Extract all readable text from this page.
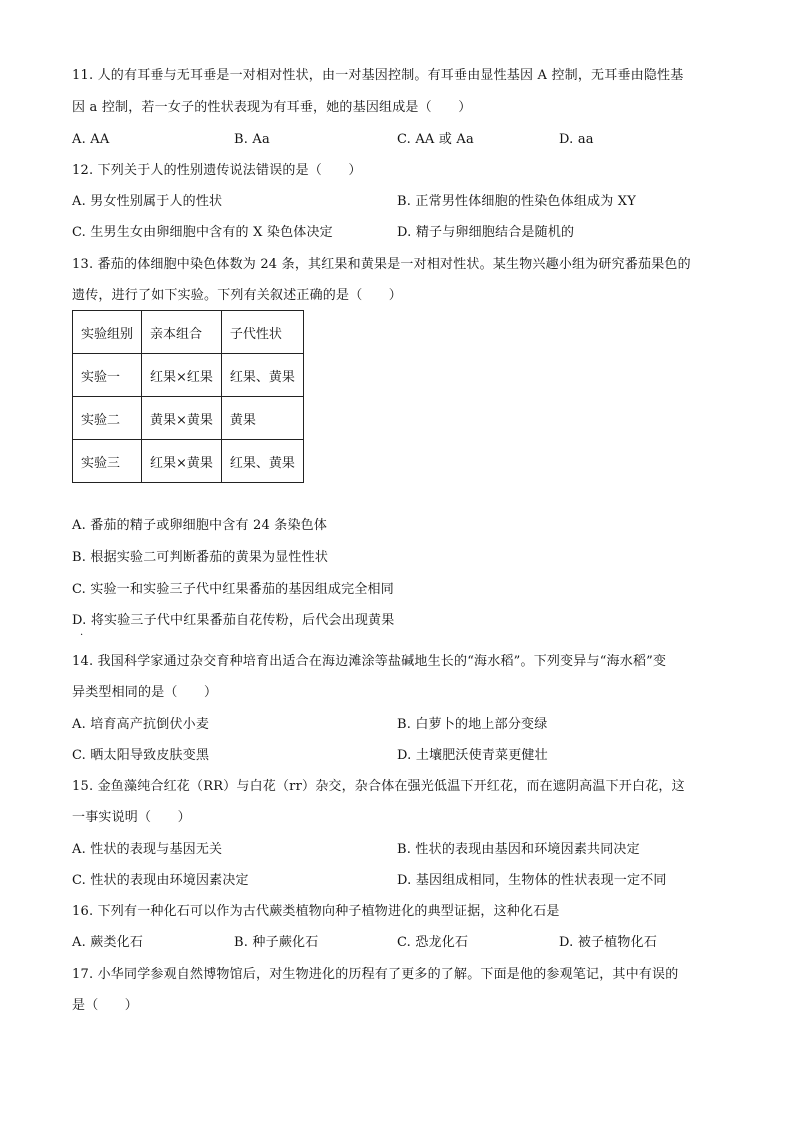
11. 人的有耳垂与无耳垂是一对相对性状，由一对基因控制。有耳垂由显性基因 A 控制，无耳垂由隐性基
因 a 控制，若一女子的性状表现为有耳垂，她的基因组成是（　　）
A. AA	B. Aa	C. AA 或 Aa	D. aa
12. 下列关于人的性别遗传说法错误的是（　　）
A. 男女性别属于人的性状	B. 正常男性体细胞的性染色体组成为 XY
C. 生男生女由卵细胞中含有的 X 染色体决定	D. 精子与卵细胞结合是随机的
13. 番茄的体细胞中染色体数为 24 条，其红果和黄果是一对相对性状。某生物兴趣小组为研究番茄果色的
遗传，进行了如下实验。下列有关叙述正确的是（　　）
实验组别	亲本组合	子代性状
实验一	红果×红果	红果、黄果
实验二	黄果×黄果	黄果
实验三	红果×黄果	红果、黄果
A. 番茄的精子或卵细胞中含有 24 条染色体
B. 根据实验二可判断番茄的黄果为显性性状
C. 实验一和实验三子代中红果番茄的基因组成完全相同
D. 将实验三子代中红果番茄自花传粉，后代会出现黄果
.
14. 我国科学家通过杂交育种培育出适合在海边滩涂等盐碱地生长的“海水稻”。下列变异与“海水稻”变
异类型相同的是（　　）
A. 培育高产抗倒伏小麦	B. 白萝卜的地上部分变绿
C. 晒太阳导致皮肤变黑	D. 土壤肥沃使青菜更健壮
15. 金鱼藻纯合红花（RR）与白花（rr）杂交，杂合体在强光低温下开红花，而在遮阴高温下开白花，这
一事实说明（　　）
A. 性状的表现与基因无关	B. 性状的表现由基因和环境因素共同决定
C. 性状的表现由环境因素决定	D. 基因组成相同，生物体的性状表现一定不同
16. 下列有一种化石可以作为古代蕨类植物向种子植物进化的典型证据，这种化石是
A. 蕨类化石	B. 种子蕨化石	C. 恐龙化石	D. 被子植物化石
17. 小华同学参观自然博物馆后，对生物进化的历程有了更多的了解。下面是他的参观笔记，其中有误的
是（　　）
